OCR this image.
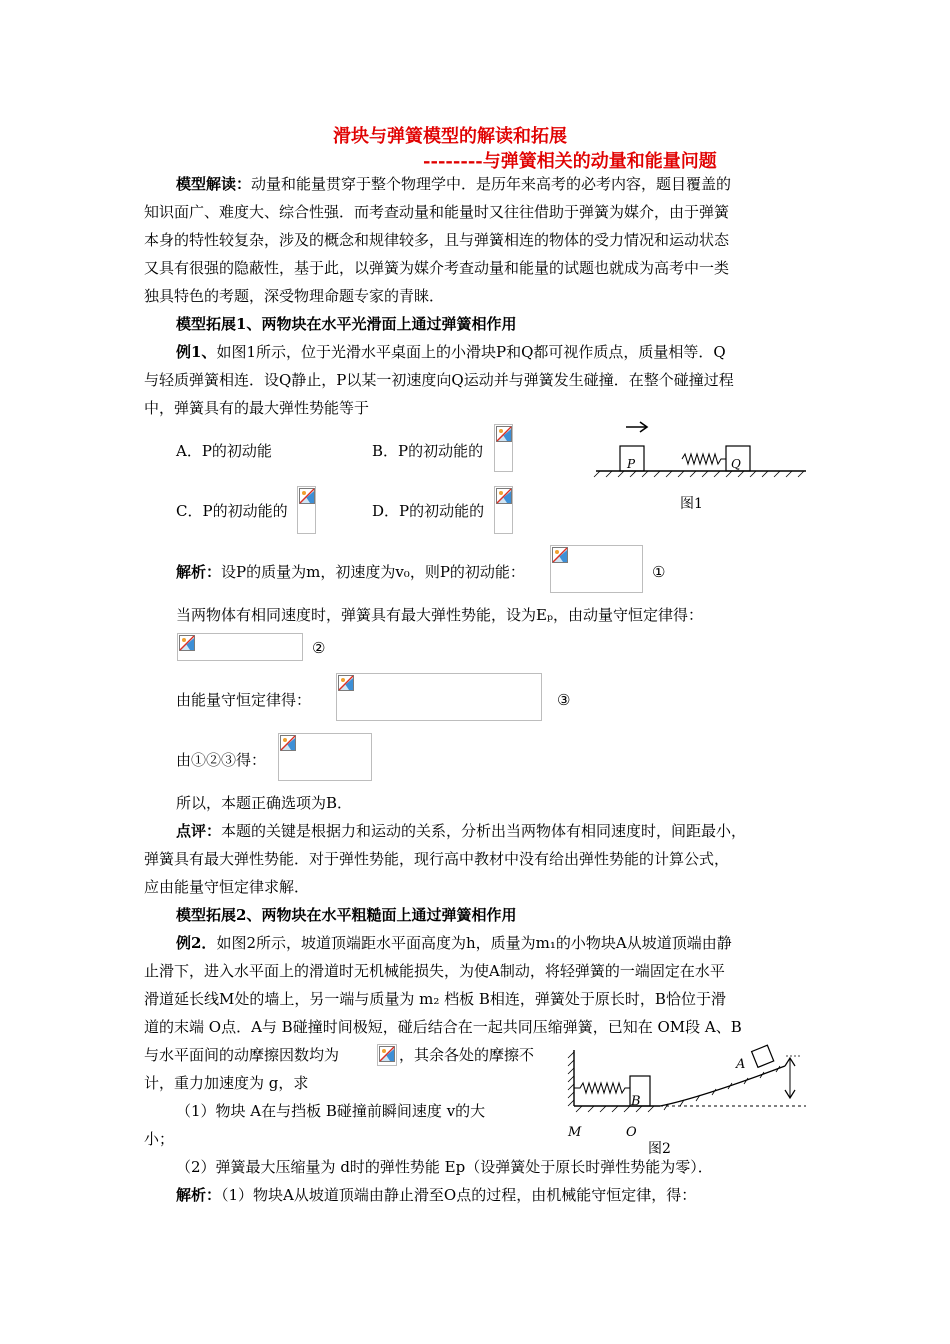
滑块与弹簧模型的解读和拓展
--------与弹簧相关的动量和能量问题
模型解读：动量和能量贯穿于整个物理学中．是历年来高考的必考内容，题目覆盖的
知识面广、难度大、综合性强．而考查动量和能量时又往往借助于弹簧为媒介，由于弹簧
本身的特性较复杂，涉及的概念和规律较多，且与弹簧相连的物体的受力情况和运动状态
又具有很强的隐蔽性，基于此，以弹簧为媒介考查动量和能量的试题也就成为高考中一类
独具特色的考题，深受物理命题专家的青睐．
模型拓展1、两物块在水平光滑面上通过弹簧相作用
例1、如图1所示，位于光滑水平桌面上的小滑块P和Q都可视作质点，质量相等．Q
与轻质弹簧相连．设Q静止，P以某一初速度向Q运动并与弹簧发生碰撞．在整个碰撞过程
中，弹簧具有的最大弹性势能等于
A．P的初动能	B．P的初动能的
C．P的初动能的	D．P的初动能的
P	Q
图1
解析：设P的质量为m，初速度为v₀，则P的初动能：	①
当两物体有相同速度时，弹簧具有最大弹性势能，设为Eₚ，由动量守恒定律得：
②
由能量守恒定律得：	③
由①②③得：
所以，本题正确选项为B．
点评：本题的关键是根据力和运动的关系，分析出当两物体有相同速度时，间距最小，
弹簧具有最大弹性势能．对于弹性势能，现行高中教材中没有给出弹性势能的计算公式，
应由能量守恒定律求解．
模型拓展2、两物块在水平粗糙面上通过弹簧相作用
例2．如图2所示，坡道顶端距水平面高度为h，质量为m₁的小物块A从坡道顶端由静
止滑下，进入水平面上的滑道时无机械能损失，为使A制动，将轻弹簧的一端固定在水平
滑道延长线M处的墙上，另一端与质量为 m₂ 档板 B相连，弹簧处于原长时，B恰位于滑
道的末端 O点．A与 B碰撞时间极短，碰后结合在一起共同压缩弹簧，已知在 OM段 A、B
与水平面间的动摩擦因数均为	，其余各处的摩擦不
计，重力加速度为 g，求
（1）物块 A在与挡板 B碰撞前瞬间速度 v的大
小；
（2）弹簧最大压缩量为 d时的弹性势能 Ep（设弹簧处于原长时弹性势能为零）．
解析：（1）物块A从坡道顶端由静止滑至O点的过程，由机械能守恒定律，得：
B
A
M	O
图2
